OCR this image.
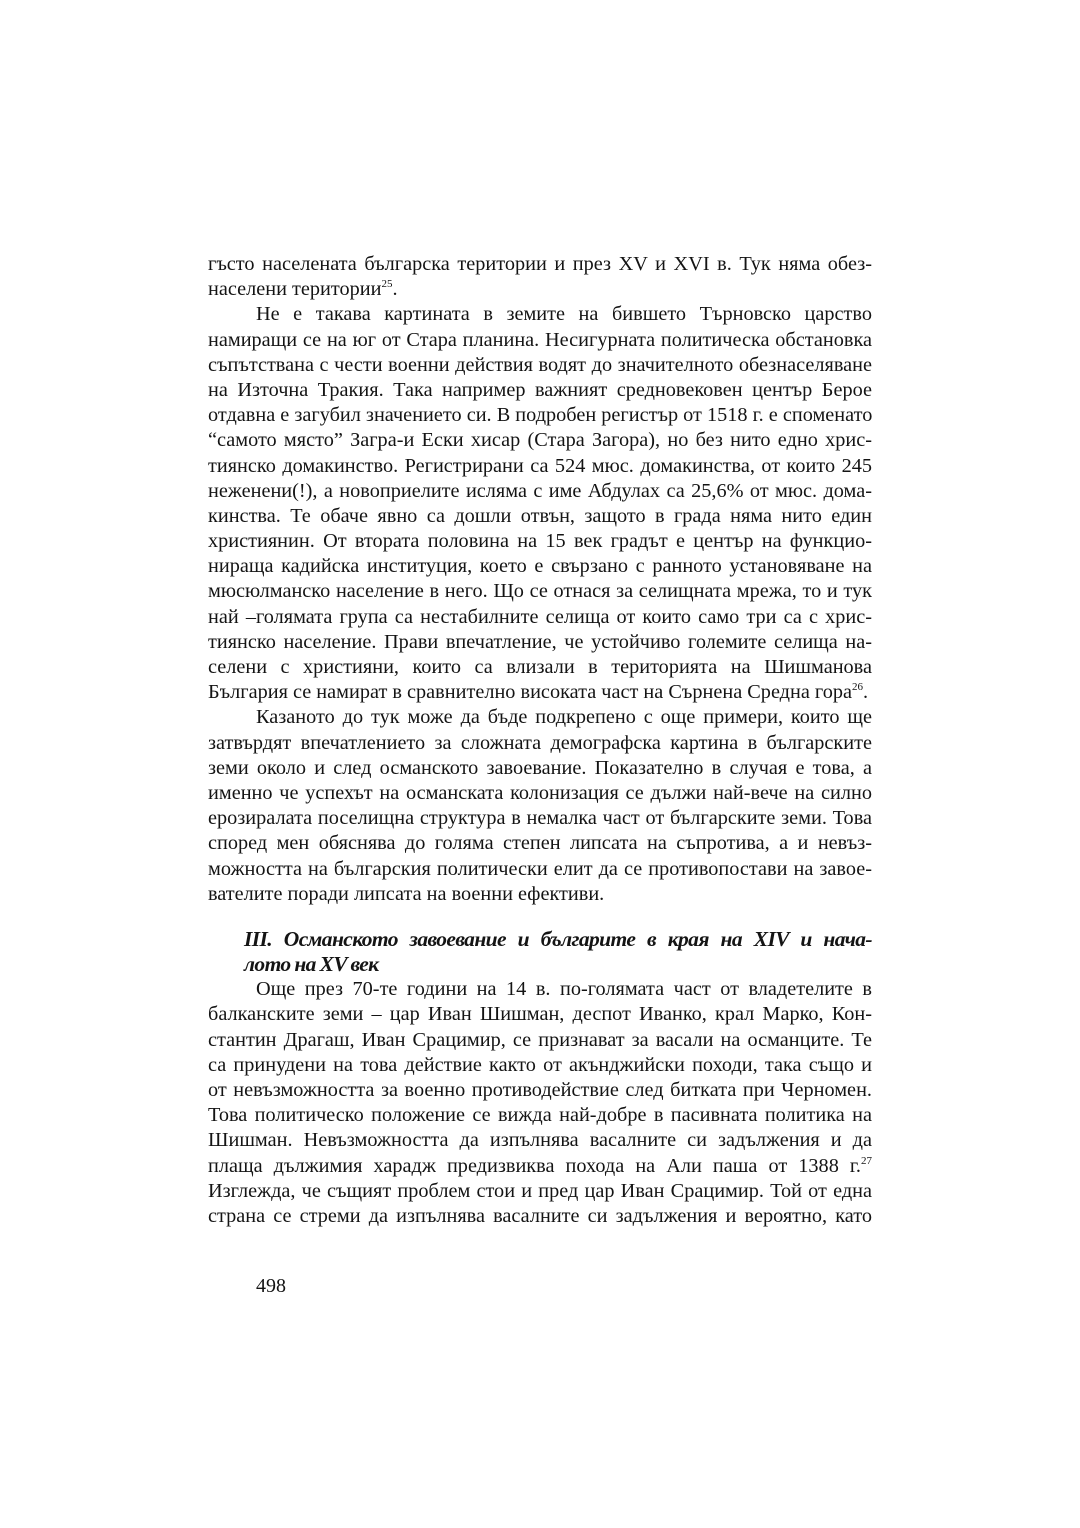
гъсто населената българска територии и през XV и XVI в. Тук няма обез-
населени територии$^{25}$.
Не е такава картината в земите на бившето Търновско царство
намиращи се на юг от Стара планина. Несигурната политическа обстановка
съпътствана с чести военни действия водят до значителното обезнаселяване
на Източна Тракия. Така например важният средновековен център Берое
отдавна е загубил значението си. В подробен регистър от 1518 г. е споменато
“самото място” Загра-и Ески хисар (Стара Загора), но без нито едно хрис-
тиянско домакинство. Регистрирани са 524 мюс. домакинства, от които 245
неженени(!), а новоприелите исляма с име Абдулах са 25,6% от мюс. дома-
кинства. Те обаче явно са дошли отвън, защото в града няма нито един
християнин. От втората половина на 15 век градът е център на функцио-
нираща кадийска институция, което е свързано с ранното установяване на
мюсюлманско население в него. Що се отнася за селищната мрежа, то и тук
най –голямата група са нестабилните селища от които само три са с хрис-
тиянско население. Прави впечатление, че устойчиво големите селища на-
селени с християни, които са влизали в територията на Шишманова
България се намират в сравнително високата част на Сърнена Средна гора$^{26}$.
Казаното до тук може да бъде подкрепено с още примери, които ще
затвърдят впечатлението за сложната демографска картина в българските
земи около и след османското завоевание. Показателно в случая е това, а
именно че успехът на османската колонизация се дължи най-вече на силно
ерозиралата поселищна структура в немалка част от българските земи. Това
според мен обяснява до голяма степен липсата на съпротива, а и невъз-
можността на българския политически елит да се противопостави на завое-
вателите поради липсата на военни ефективи.
III. Османското завоевание и българите в края на XIV и нача-
лото на XV век
Още през 70-те години на 14 в. по-голямата част от владетелите в
балканските земи – цар Иван Шишман, деспот Иванко, крал Марко, Кон-
стантин Драгаш, Иван Срацимир, се признават за васали на османците. Те
са принудени на това действие както от акънджийски походи, така също и
от невъзможността за военно противодействие след битката при Черномен.
Това политическо положение се вижда най-добре в пасивната политика на
Шишман. Невъзможността да изпълнява васалните си задължения и да
плаща дължимия харадж предизвиква похода на Али паша от 1388 г.$^{27}$
Изглежда, че същият проблем стои и пред цар Иван Срацимир. Той от една
страна се стреми да изпълнява васалните си задължения и вероятно, като
498
